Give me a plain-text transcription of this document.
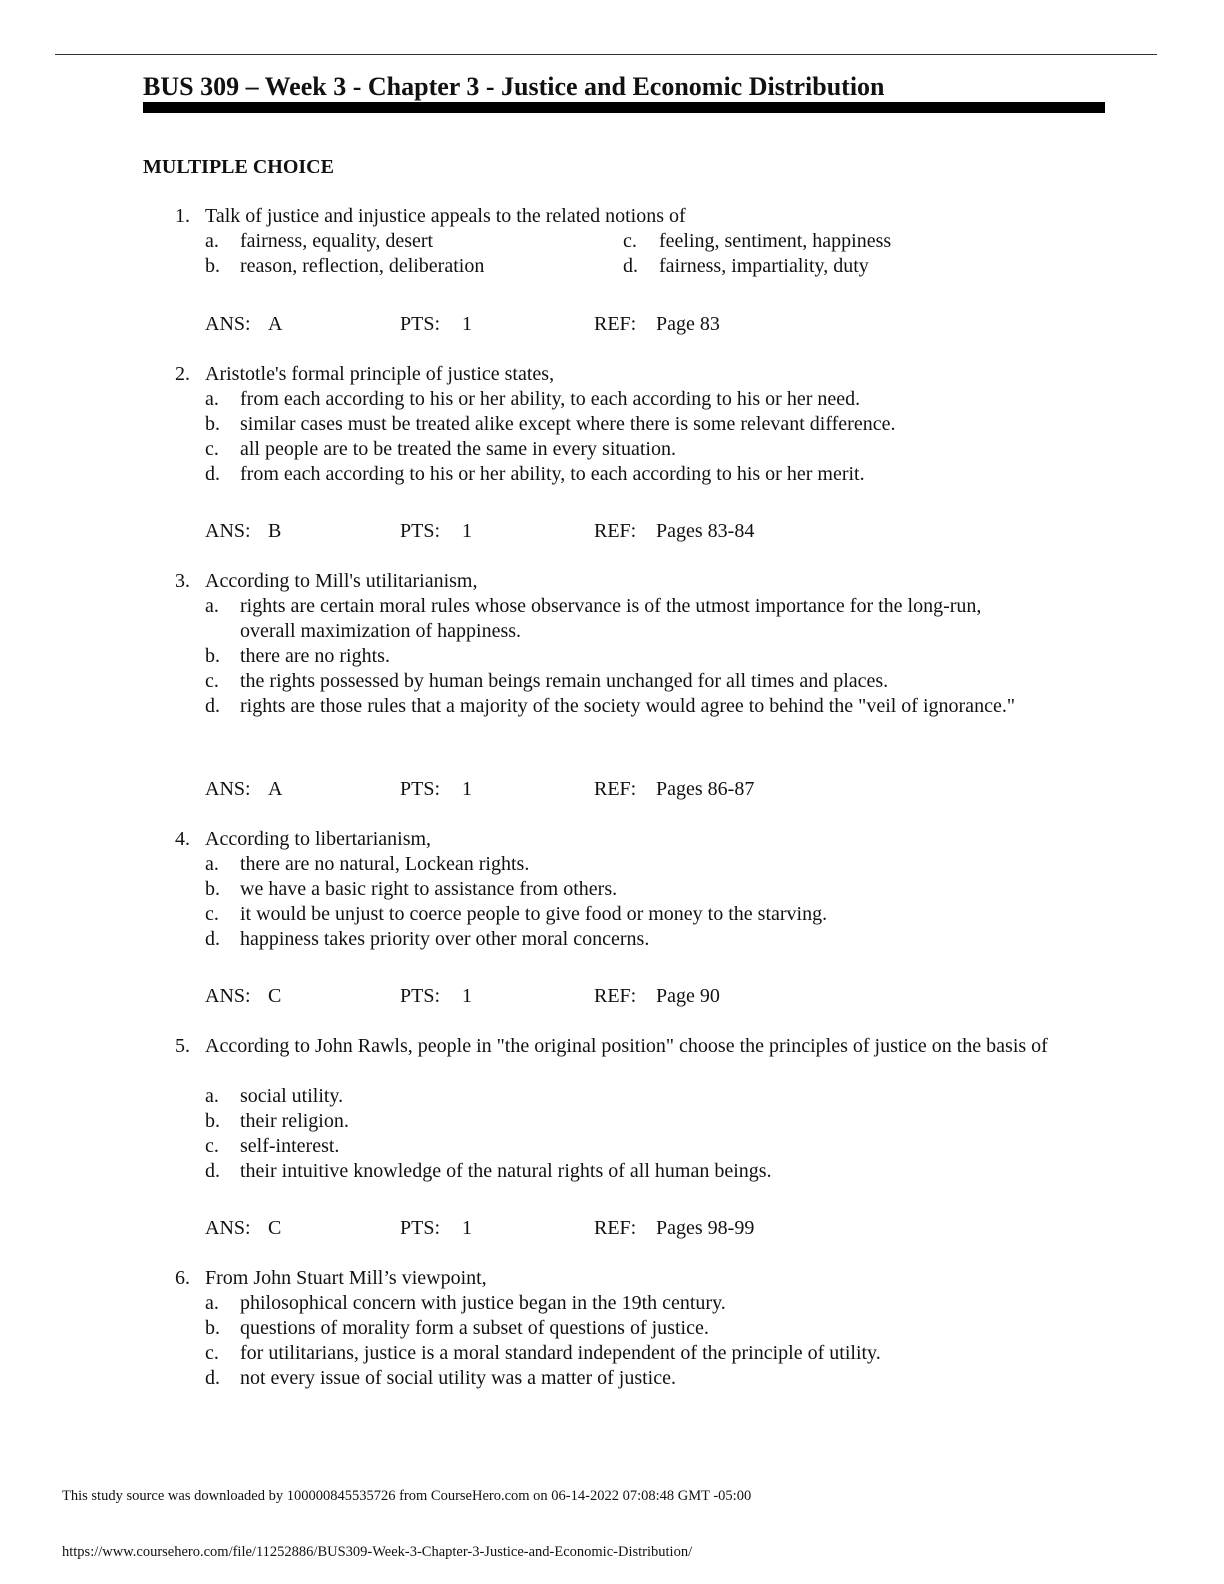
BUS 309 – Week 3 - Chapter 3 - Justice and Economic Distribution
MULTIPLE CHOICE
1. Talk of justice and injustice appeals to the related notions of
a. fairness, equality, desert
b. reason, reflection, deliberation
c. feeling, sentiment, happiness
d. fairness, impartiality, duty
ANS: A	PTS: 1	REF: Page 83
2. Aristotle's formal principle of justice states,
a. from each according to his or her ability, to each according to his or her need.
b. similar cases must be treated alike except where there is some relevant difference.
c. all people are to be treated the same in every situation.
d. from each according to his or her ability, to each according to his or her merit.
ANS: B	PTS: 1	REF: Pages 83-84
3. According to Mill's utilitarianism,
a. rights are certain moral rules whose observance is of the utmost importance for the long-run, overall maximization of happiness.
b. there are no rights.
c. the rights possessed by human beings remain unchanged for all times and places.
d. rights are those rules that a majority of the society would agree to behind the "veil of ignorance."
ANS: A	PTS: 1	REF: Pages 86-87
4. According to libertarianism,
a. there are no natural, Lockean rights.
b. we have a basic right to assistance from others.
c. it would be unjust to coerce people to give food or money to the starving.
d. happiness takes priority over other moral concerns.
ANS: C	PTS: 1	REF: Page 90
5. According to John Rawls, people in "the original position" choose the principles of justice on the basis of
a. social utility.
b. their religion.
c. self-interest.
d. their intuitive knowledge of the natural rights of all human beings.
ANS: C	PTS: 1	REF: Pages 98-99
6. From John Stuart Mill’s viewpoint,
a. philosophical concern with justice began in the 19th century.
b. questions of morality form a subset of questions of justice.
c. for utilitarians, justice is a moral standard independent of the principle of utility.
d. not every issue of social utility was a matter of justice.
This study source was downloaded by 100000845535726 from CourseHero.com on 06-14-2022 07:08:48 GMT -05:00
https://www.coursehero.com/file/11252886/BUS309-Week-3-Chapter-3-Justice-and-Economic-Distribution/
